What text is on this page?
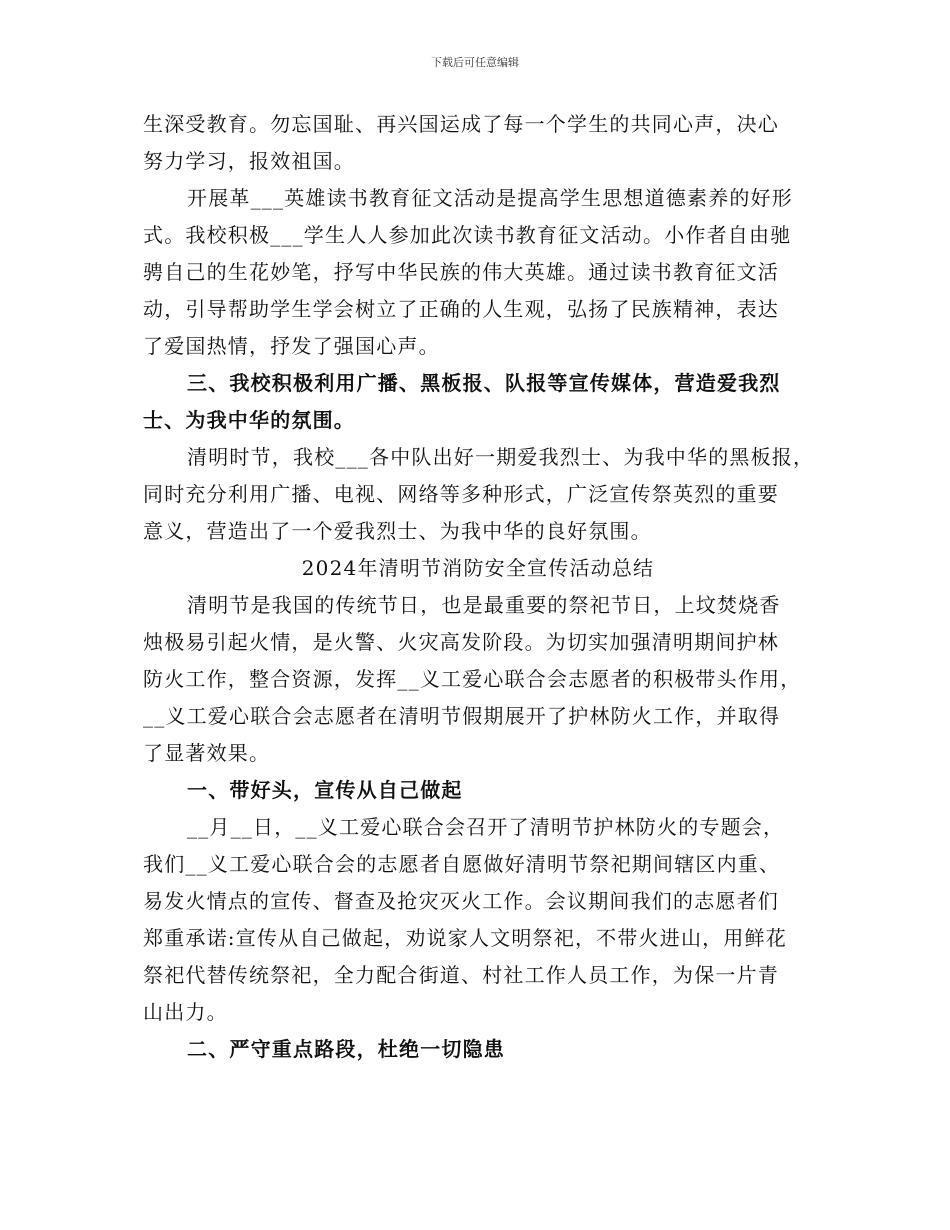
下载后可任意编辑
生深受教育。勿忘国耻、再兴国运成了每一个学生的共同心声，决心
努力学习，报效祖国。
开展革___英雄读书教育征文活动是提高学生思想道德素养的好形
式。我校积极___学生人人参加此次读书教育征文活动。小作者自由驰
骋自己的生花妙笔，抒写中华民族的伟大英雄。通过读书教育征文活
动，引导帮助学生学会树立了正确的人生观，弘扬了民族精神，表达
了爱国热情，抒发了强国心声。
三、我校积极利用广播、黑板报、队报等宣传媒体，营造爱我烈
士、为我中华的氛围。
清明时节，我校___各中队出好一期爱我烈士、为我中华的黑板报，
同时充分利用广播、电视、网络等多种形式，广泛宣传祭英烈的重要
意义，营造出了一个爱我烈士、为我中华的良好氛围。
2024年清明节消防安全宣传活动总结
清明节是我国的传统节日，也是最重要的祭祀节日，上坟焚烧香
烛极易引起火情，是火警、火灾高发阶段。为切实加强清明期间护林
防火工作，整合资源，发挥__义工爱心联合会志愿者的积极带头作用，
__义工爱心联合会志愿者在清明节假期展开了护林防火工作，并取得
了显著效果。
一、带好头，宣传从自己做起
__月__日，__义工爱心联合会召开了清明节护林防火的专题会，
我们__义工爱心联合会的志愿者自愿做好清明节祭祀期间辖区内重、
易发火情点的宣传、督查及抢灾灭火工作。会议期间我们的志愿者们
郑重承诺:宣传从自己做起，劝说家人文明祭祀，不带火进山，用鲜花
祭祀代替传统祭祀，全力配合街道、村社工作人员工作，为保一片青
山出力。
二、严守重点路段，杜绝一切隐患
